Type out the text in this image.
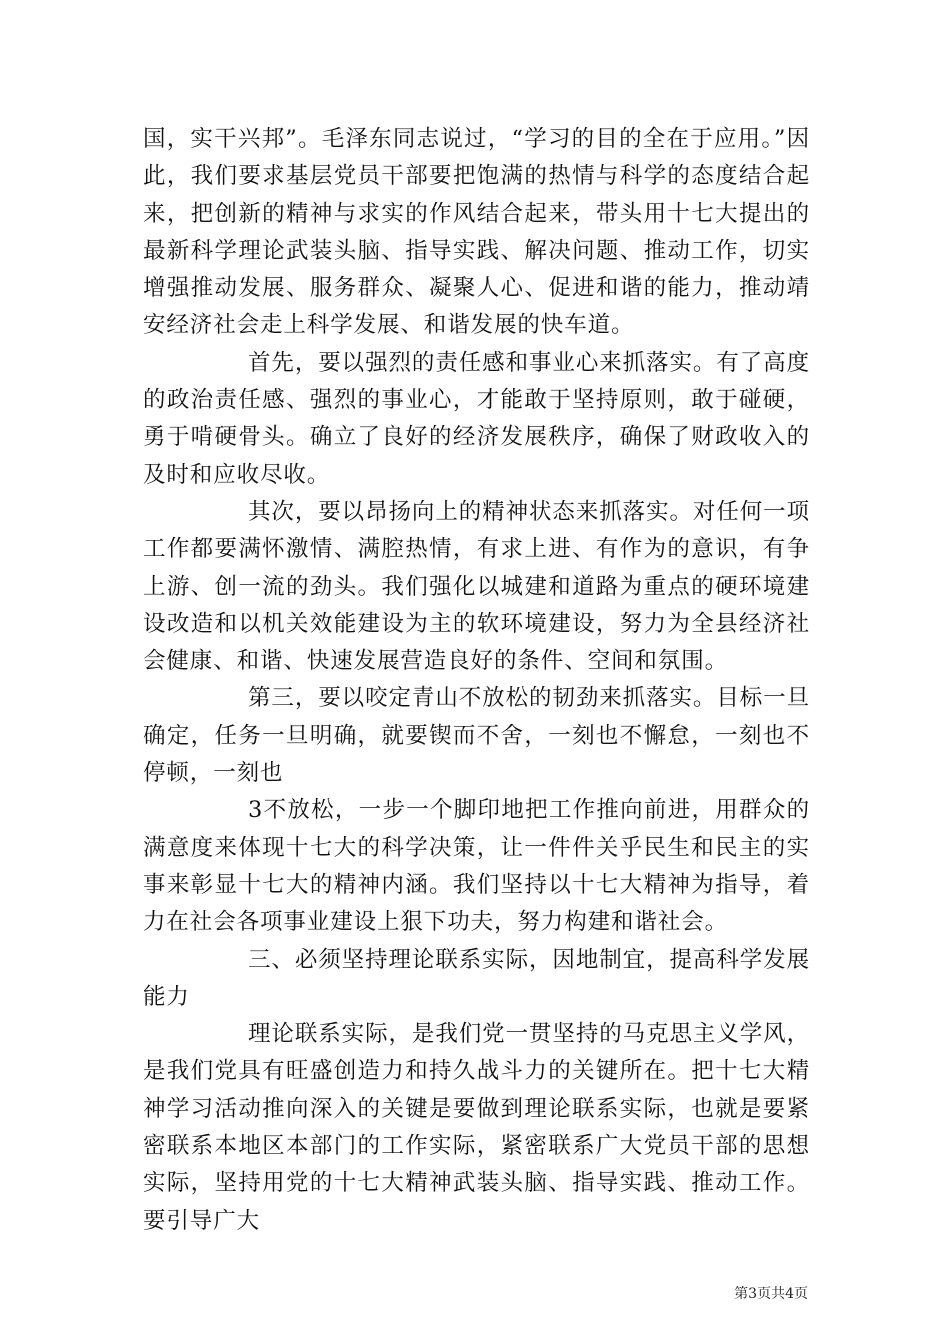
国，实干兴邦”。毛泽东同志说过，“学习的目的全在于应用。”因此，我们要求基层党员干部要把饱满的热情与科学的态度结合起来，把创新的精神与求实的作风结合起来，带头用十七大提出的最新科学理论武装头脑、指导实践、解决问题、推动工作，切实增强推动发展、服务群众、凝聚人心、促进和谐的能力，推动靖安经济社会走上科学发展、和谐发展的快车道。

首先，要以强烈的责任感和事业心来抓落实。有了高度的政治责任感、强烈的事业心，才能敢于坚持原则，敢于碰硬，勇于啃硬骨头。确立了良好的经济发展秩序，确保了财政收入的及时和应收尽收。

其次，要以昂扬向上的精神状态来抓落实。对任何一项工作都要满怀激情、满腔热情，有求上进、有作为的意识，有争上游、创一流的劲头。我们强化以城建和道路为重点的硬环境建设改造和以机关效能建设为主的软环境建设，努力为全县经济社会健康、和谐、快速发展营造良好的条件、空间和氛围。

第三，要以咬定青山不放松的韧劲来抓落实。目标一旦确定，任务一旦明确，就要锲而不舍，一刻也不懈怠，一刻也不停顿，一刻也

3不放松，一步一个脚印地把工作推向前进，用群众的满意度来体现十七大的科学决策，让一件件关乎民生和民主的实事来彰显十七大的精神内涵。我们坚持以十七大精神为指导，着力在社会各项事业建设上狠下功夫，努力构建和谐社会。

三、必须坚持理论联系实际，因地制宜，提高科学发展能力

理论联系实际，是我们党一贯坚持的马克思主义学风，是我们党具有旺盛创造力和持久战斗力的关键所在。把十七大精神学习活动推向深入的关键是要做到理论联系实际，也就是要紧密联系本地区本部门的工作实际，紧密联系广大党员干部的思想实际，坚持用党的十七大精神武装头脑、指导实践、推动工作。要引导广大

第3页共4页
